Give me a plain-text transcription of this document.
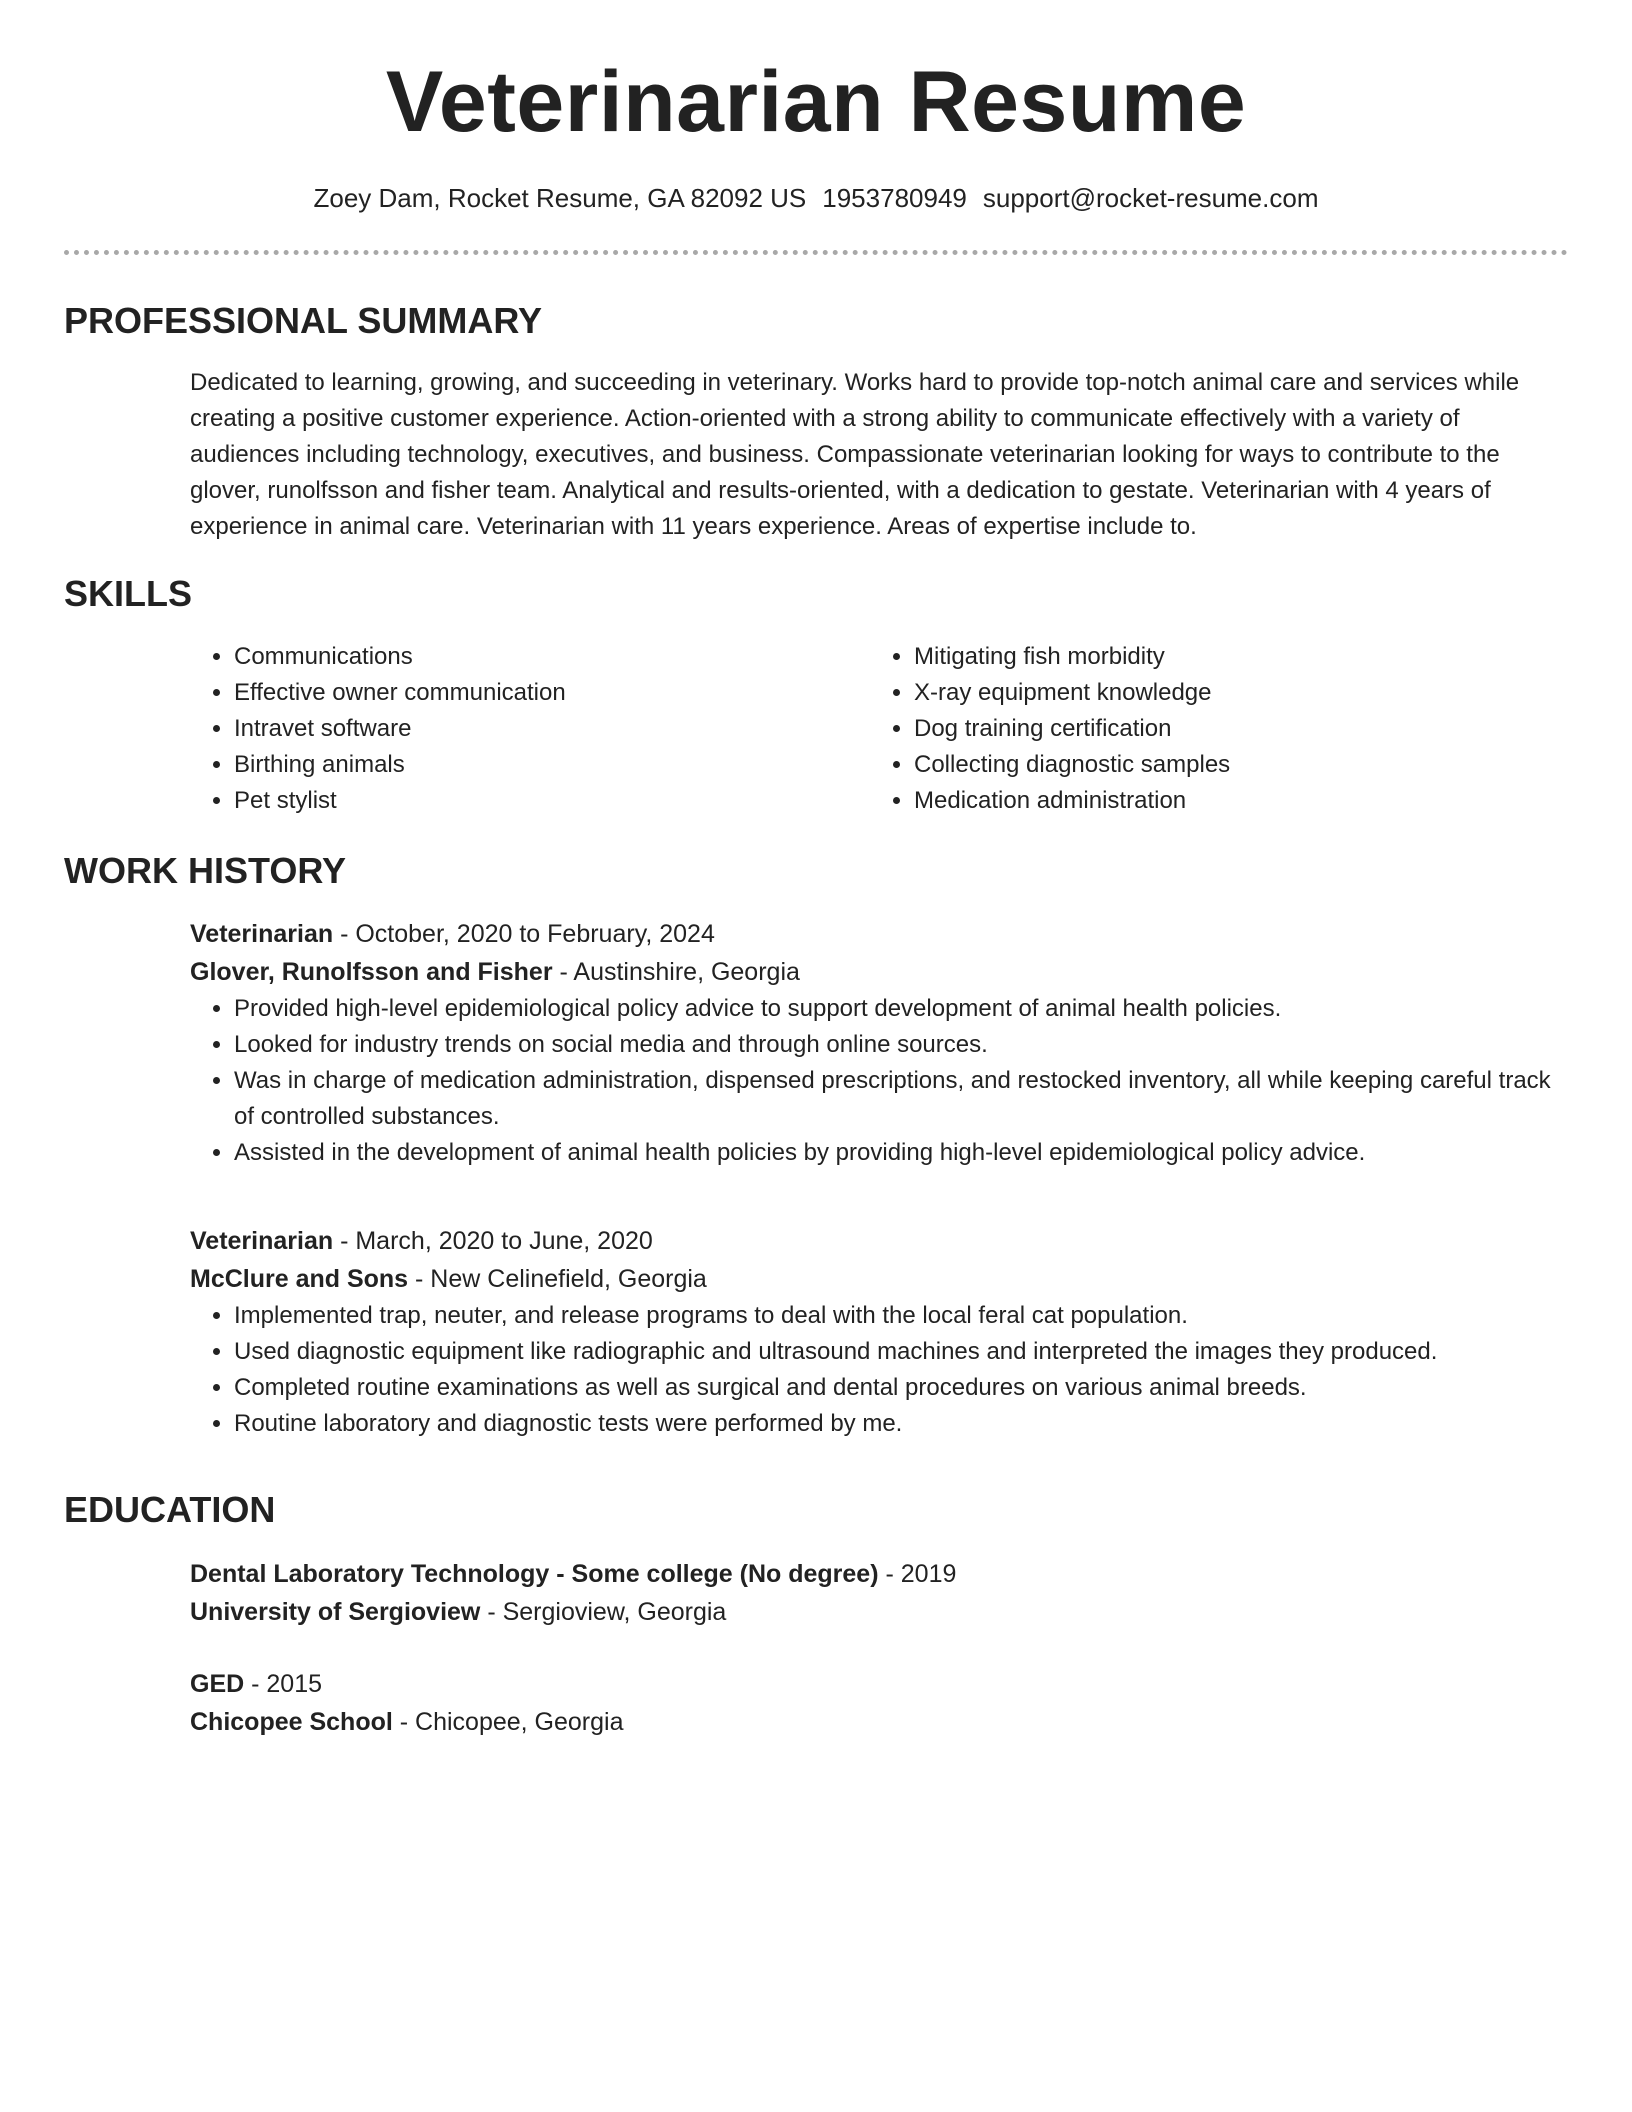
Veterinarian Resume
Zoey Dam, Rocket Resume, GA 82092 US 1953780949 support@rocket-resume.com
PROFESSIONAL SUMMARY

Dedicated to learning, growing, and succeeding in veterinary. Works hard to provide top-notch animal care and services while creating a positive customer experience. Action-oriented with a strong ability to communicate effectively with a variety of audiences including technology, executives, and business. Compassionate veterinarian looking for ways to contribute to the glover, runolfsson and fisher team. Analytical and results-oriented, with a dedication to gestate. Veterinarian with 4 years of experience in animal care. Veterinarian with 11 years experience. Areas of expertise include to.

SKILLS
• Communications
• Effective owner communication
• Intravet software
• Birthing animals
• Pet stylist
• Mitigating fish morbidity
• X-ray equipment knowledge
• Dog training certification
• Collecting diagnostic samples
• Medication administration
WORK HISTORY

Veterinarian - October, 2020 to February, 2024

Glover, Runolfsson and Fisher - Austinshire, Georgia

• Provided high-level epidemiological policy advice to support development of animal health policies.
• Looked for industry trends on social media and through online sources.
• Was in charge of medication administration, dispensed prescriptions, and restocked inventory, all while keeping careful track of controlled substances.
• Assisted in the development of animal health policies by providing high-level epidemiological policy advice.

Veterinarian - March, 2020 to June, 2020

McClure and Sons - New Celinefield, Georgia

• Implemented trap, neuter, and release programs to deal with the local feral cat population.
• Used diagnostic equipment like radiographic and ultrasound machines and interpreted the images they produced.
• Completed routine examinations as well as surgical and dental procedures on various animal breeds.
• Routine laboratory and diagnostic tests were performed by me.
EDUCATION

Dental Laboratory Technology - Some college (No degree) - 2019

University of Sergioview - Sergioview, Georgia

GED - 2015

Chicopee School - Chicopee, Georgia
